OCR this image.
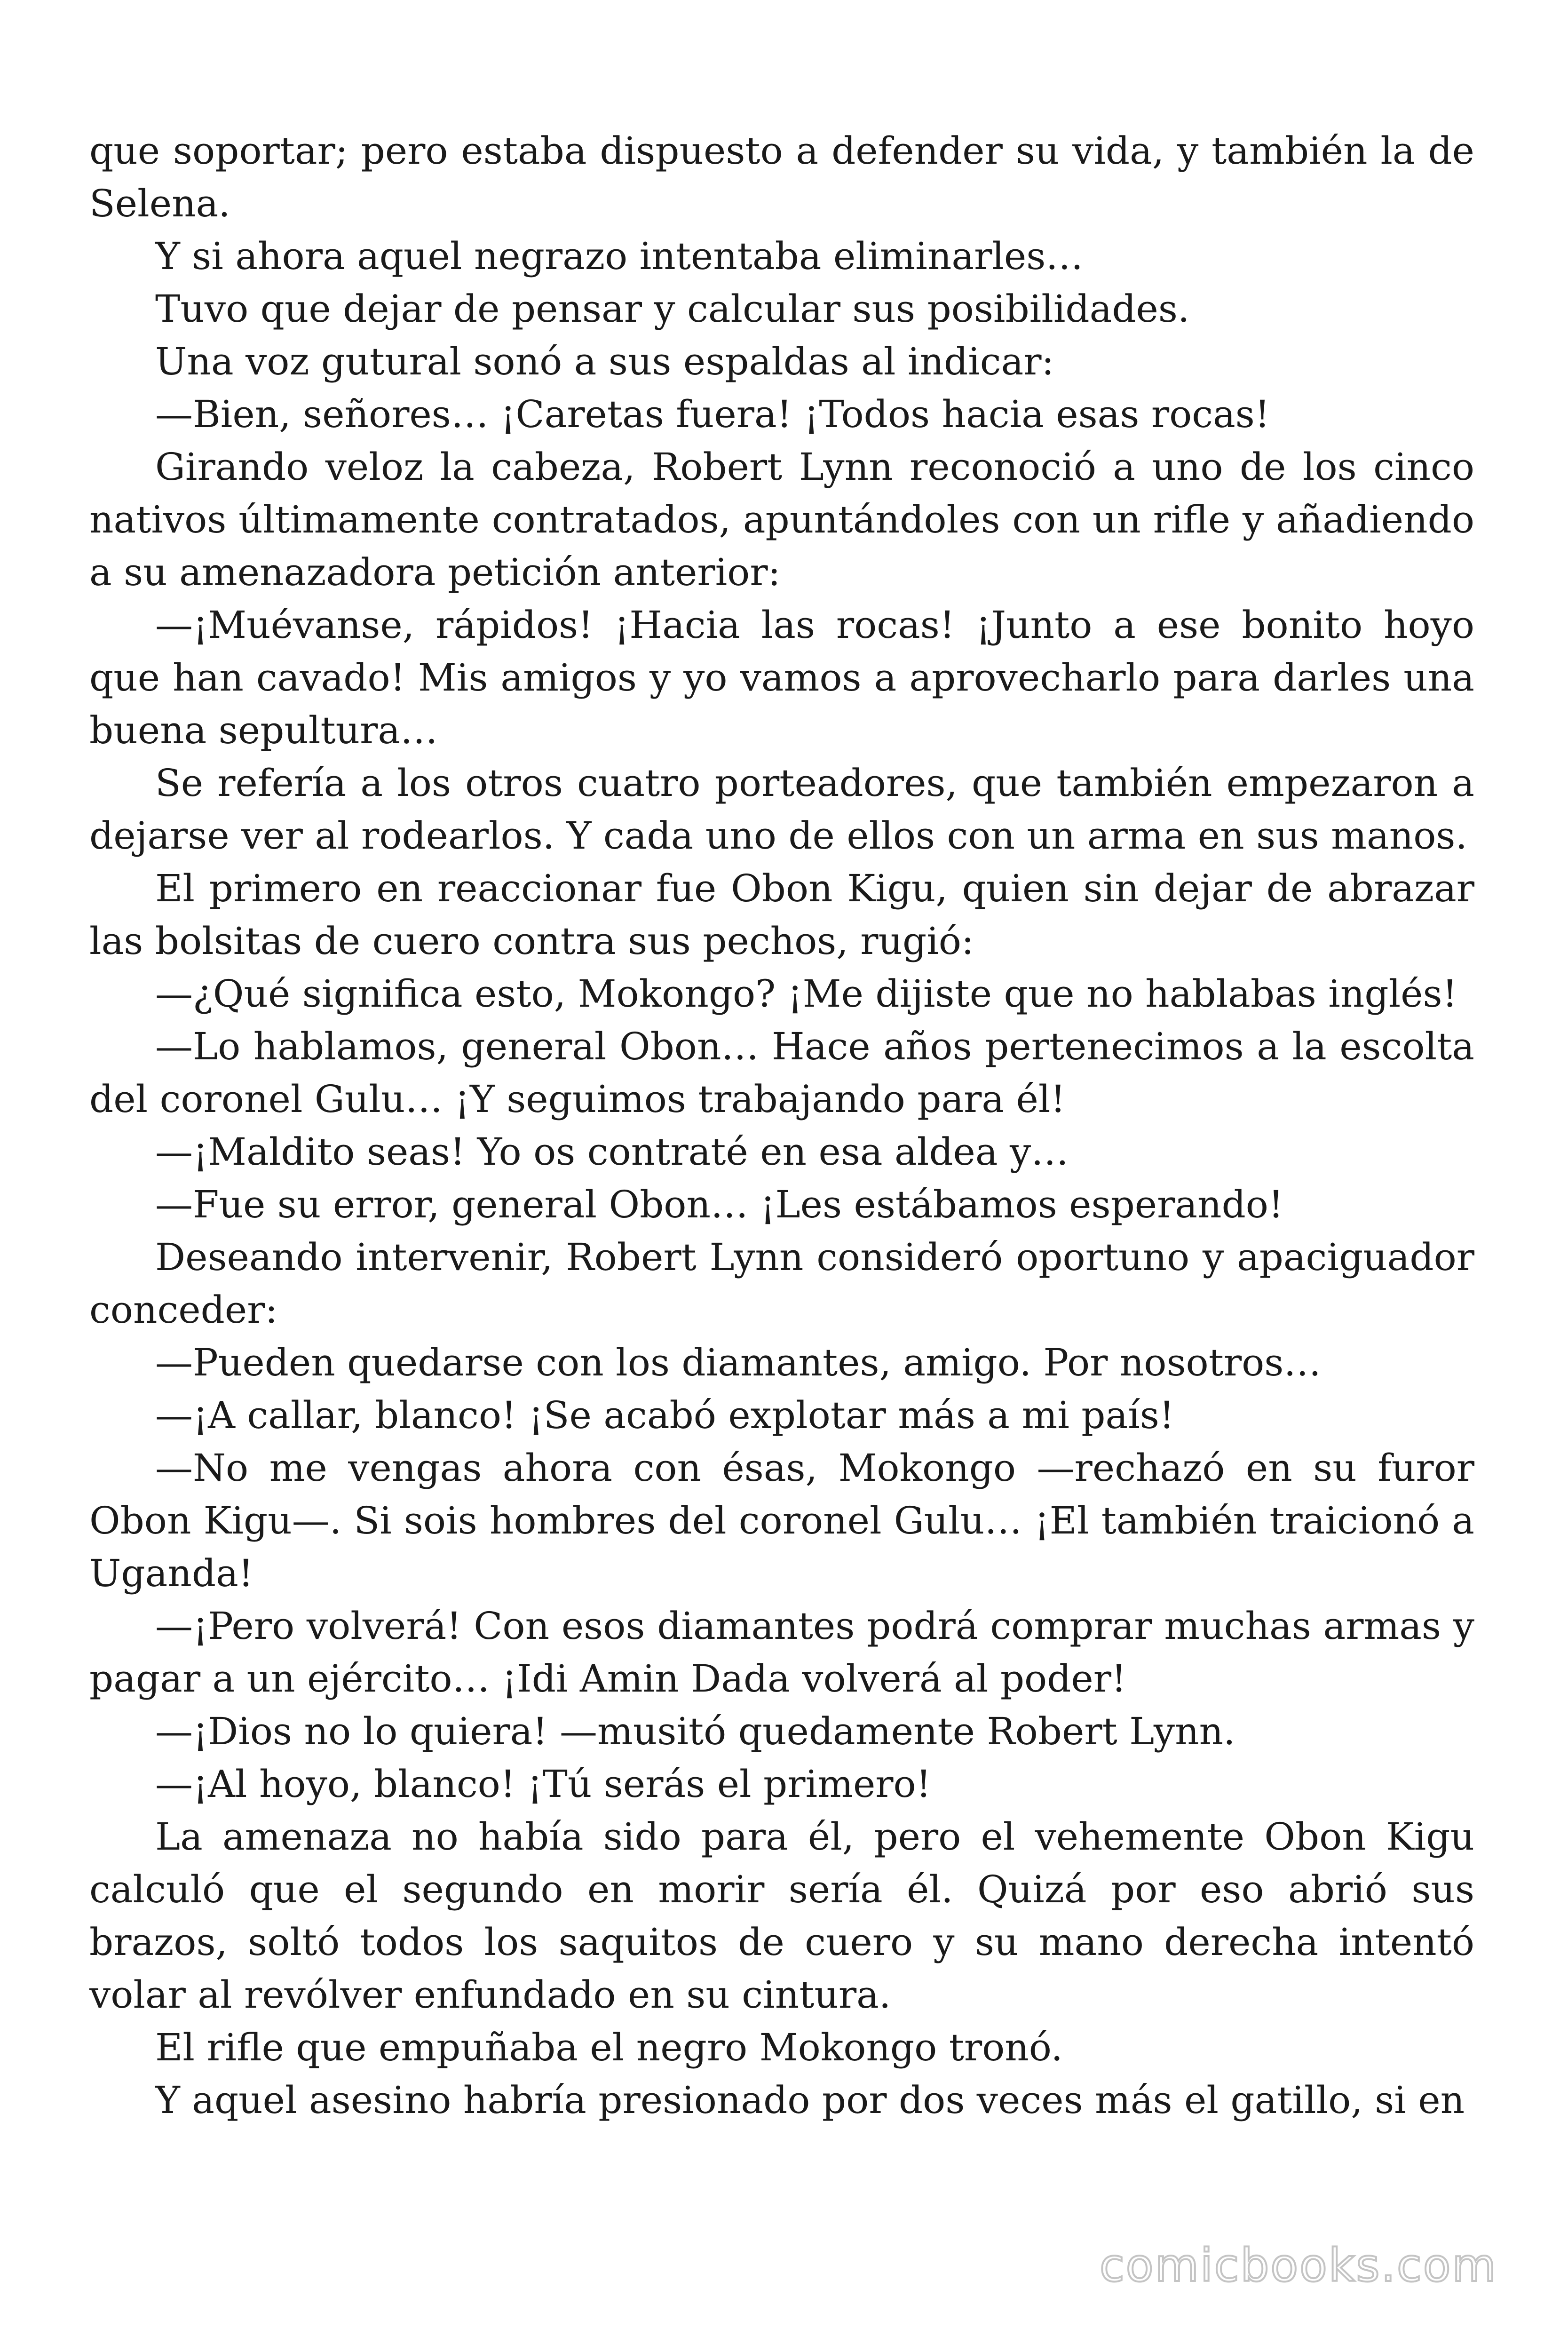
que soportar; pero estaba dispuesto a defender su vida, y también la de Selena.

Y si ahora aquel negrazo intentaba eliminarles…

Tuvo que dejar de pensar y calcular sus posibilidades.

Una voz gutural sonó a sus espaldas al indicar:

—Bien, señores… ¡Caretas fuera! ¡Todos hacia esas rocas!

Girando veloz la cabeza, Robert Lynn reconoció a uno de los cinco nativos últimamente contratados, apuntándoles con un rifle y añadiendo a su amenazadora petición anterior:

—¡Muévanse, rápidos! ¡Hacia las rocas! ¡Junto a ese bonito hoyo que han cavado! Mis amigos y yo vamos a aprovecharlo para darles una buena sepultura…

Se refería a los otros cuatro porteadores, que también empezaron a dejarse ver al rodearlos. Y cada uno de ellos con un arma en sus manos.

El primero en reaccionar fue Obon Kigu, quien sin dejar de abrazar las bolsitas de cuero contra sus pechos, rugió:

—¿Qué significa esto, Mokongo? ¡Me dijiste que no hablabas inglés!

—Lo hablamos, general Obon… Hace años pertenecimos a la escolta del coronel Gulu… ¡Y seguimos trabajando para él!

—¡Maldito seas! Yo os contraté en esa aldea y…

—Fue su error, general Obon… ¡Les estábamos esperando!

Deseando intervenir, Robert Lynn consideró oportuno y apaciguador conceder:

—Pueden quedarse con los diamantes, amigo. Por nosotros…

—¡A callar, blanco! ¡Se acabó explotar más a mi país!

—No me vengas ahora con ésas, Mokongo —rechazó en su furor Obon Kigu—. Si sois hombres del coronel Gulu… ¡El también traicionó a Uganda!

—¡Pero volverá! Con esos diamantes podrá comprar muchas armas y pagar a un ejército… ¡Idi Amin Dada volverá al poder!

—¡Dios no lo quiera! —musitó quedamente Robert Lynn.

—¡Al hoyo, blanco! ¡Tú serás el primero!

La amenaza no había sido para él, pero el vehemente Obon Kigu calculó que el segundo en morir sería él. Quizá por eso abrió sus brazos, soltó todos los saquitos de cuero y su mano derecha intentó volar al revólver enfundado en su cintura.

El rifle que empuñaba el negro Mokongo tronó.

Y aquel asesino habría presionado por dos veces más el gatillo, si en

comicbooks.com
